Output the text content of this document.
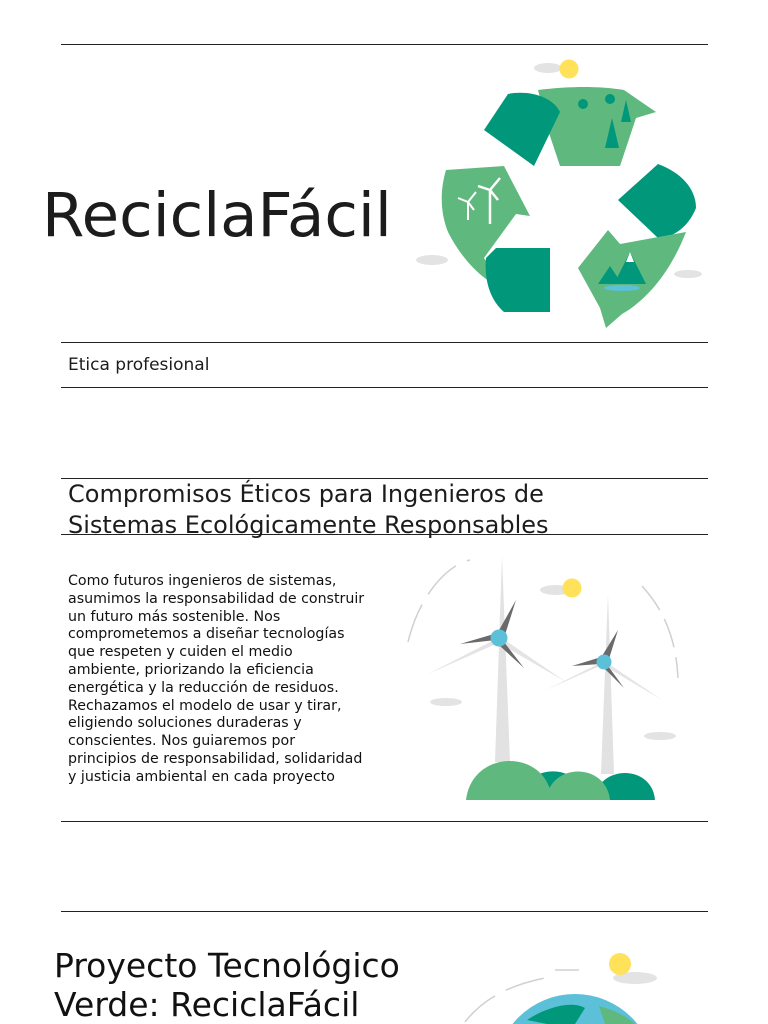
ReciclaFácil
Etica profesional
Compromisos Éticos para Ingenieros de Sistemas Ecológicamente Responsables

Como futuros ingenieros de sistemas, asumimos la responsabilidad de construir un futuro más sostenible. Nos comprometemos a diseñar tecnologías que respeten y cuiden el medio ambiente, priorizando la eficiencia energética y la reducción de residuos. Rechazamos el modelo de usar y tirar, eligiendo soluciones duraderas y conscientes. Nos guiaremos por principios de responsabilidad, solidaridad y justicia ambiental en cada proyecto

Proyecto Tecnológico Verde: ReciclaFácil
